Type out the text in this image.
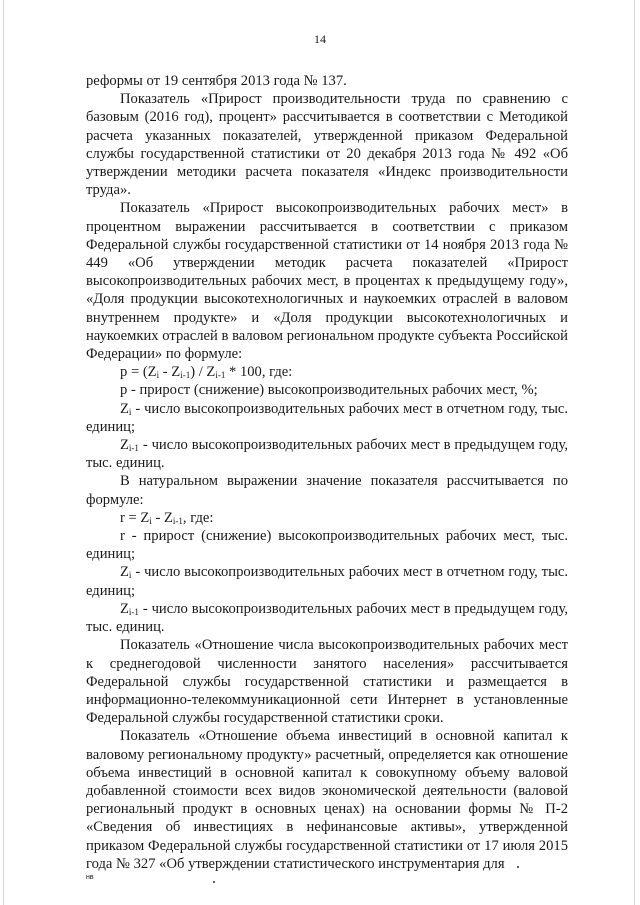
14

реформы от 19 сентября 2013 года № 137.

Показатель «Прирост производительности труда по сравнению с базовым (2016 год), процент» рассчитывается в соответствии с Методикой расчета указанных показателей, утвержденной приказом Федеральной службы государственной статистики от 20 декабря 2013 года № 492 «Об утверждении методики расчета показателя «Индекс производительности труда».

Показатель «Прирост высокопроизводительных рабочих мест» в процентном выражении рассчитывается в соответствии с приказом Федеральной службы государственной статистики от 14 ноября 2013 года № 449 «Об утверждении методик расчета показателей «Прирост высокопроизводительных рабочих мест, в процентах к предыдущему году», «Доля продукции высокотехнологичных и наукоемких отраслей в валовом внутреннем продукте» и «Доля продукции высокотехнологичных и наукоемких отраслей в валовом региональном продукте субъекта Российской Федерации» по формуле:

$p = (Z_i - Z_{i-1}) / Z_{i-1} * 100$, где:

p - прирост (снижение) высокопроизводительных рабочих мест, %;

$Z_i$ - число высокопроизводительных рабочих мест в отчетном году, тыс. единиц;

$Z_{i-1}$ - число высокопроизводительных рабочих мест в предыдущем году, тыс. единиц.

В натуральном выражении значение показателя рассчитывается по формуле:

$r = Z_i - Z_{i-1}$, где:

r - прирост (снижение) высокопроизводительных рабочих мест, тыс. единиц;

$Z_i$ - число высокопроизводительных рабочих мест в отчетном году, тыс. единиц;

$Z_{i-1}$ - число высокопроизводительных рабочих мест в предыдущем году, тыс. единиц.

Показатель «Отношение числа высокопроизводительных рабочих мест к среднегодовой численности занятого населения» рассчитывается Федеральной службы государственной статистики и размещается в информационно-телекоммуникационной сети Интернет в установленные Федеральной службы государственной статистики сроки.

Показатель «Отношение объема инвестиций в основной капитал к валовому региональному продукту» расчетный, определяется как отношение объема инвестиций в основной капитал к совокупному объему валовой добавленной стоимости всех видов экономической деятельности (валовой региональный продукт в основных ценах) на основании формы № П-2 «Сведения об инвестициях в нефинансовые активы», утвержденной приказом Федеральной службы государственной статистики от 17 июля 2015 года № 327 «Об утверждении статистического инструментария для

нв
